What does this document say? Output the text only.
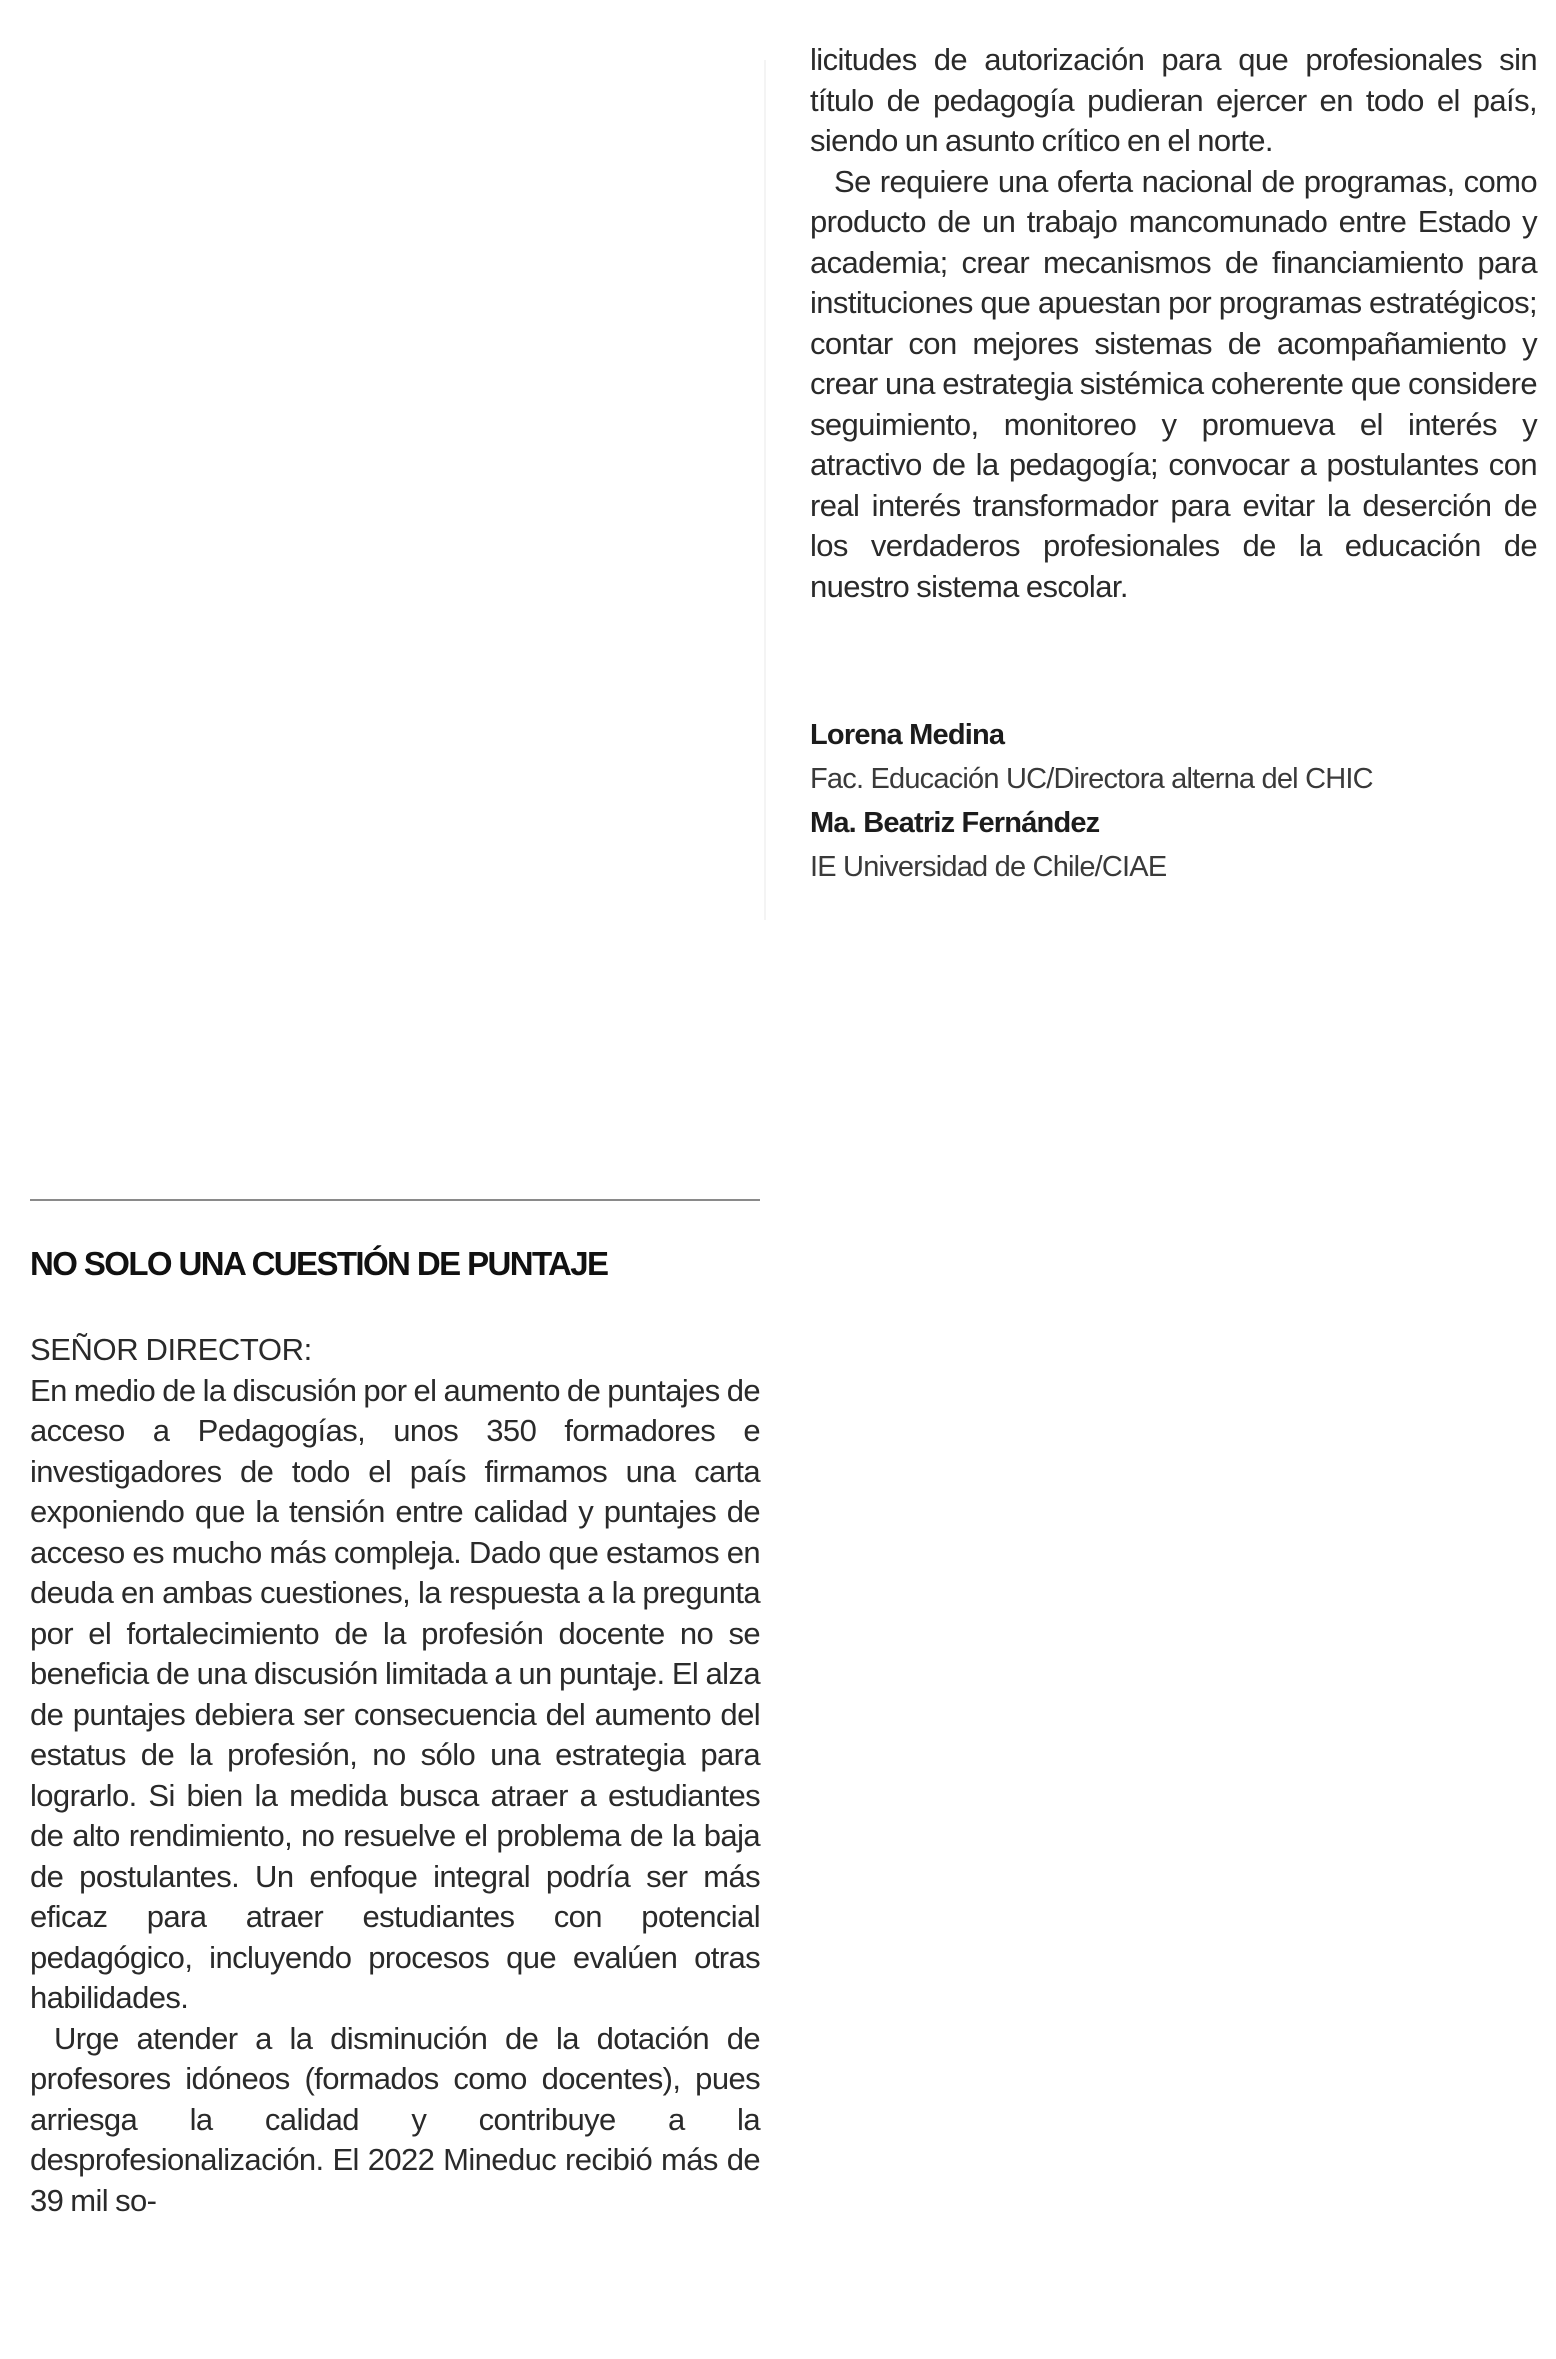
licitudes de autorización para que profesionales sin título de pedagogía pudieran ejercer en todo el país, siendo un asunto crítico en el norte.

Se requiere una oferta nacional de programas, como producto de un trabajo mancomunado entre Estado y academia; crear mecanismos de financiamiento para instituciones que apuestan por programas estratégicos; contar con mejores sistemas de acompañamiento y crear una estrategia sistémica coherente que considere seguimiento, monitoreo y promueva el interés y atractivo de la pedagogía; convocar a postulantes con real interés transformador para evitar la deserción de los verdaderos profesionales de la educación de nuestro sistema escolar.

Lorena Medina
Fac. Educación UC/Directora alterna del CHIC
Ma. Beatriz Fernández
IE Universidad de Chile/CIAE
NO SOLO UNA CUESTIÓN DE PUNTAJE
SEÑOR DIRECTOR:

En medio de la discusión por el aumento de puntajes de acceso a Pedagogías, unos 350 formadores e investigadores de todo el país firmamos una carta exponiendo que la tensión entre calidad y puntajes de acceso es mucho más compleja. Dado que estamos en deuda en ambas cuestiones, la respuesta a la pregunta por el fortalecimiento de la profesión docente no se beneficia de una discusión limitada a un puntaje. El alza de puntajes debiera ser consecuencia del aumento del estatus de la profesión, no sólo una estrategia para lograrlo. Si bien la medida busca atraer a estudiantes de alto rendimiento, no resuelve el problema de la baja de postulantes. Un enfoque integral podría ser más eficaz para atraer estudiantes con potencial pedagógico, incluyendo procesos que evalúen otras habilidades.

Urge atender a la disminución de la dotación de profesores idóneos (formados como docentes), pues arriesga la calidad y contribuye a la desprofesionalización. El 2022 Mineduc recibió más de 39 mil so-
